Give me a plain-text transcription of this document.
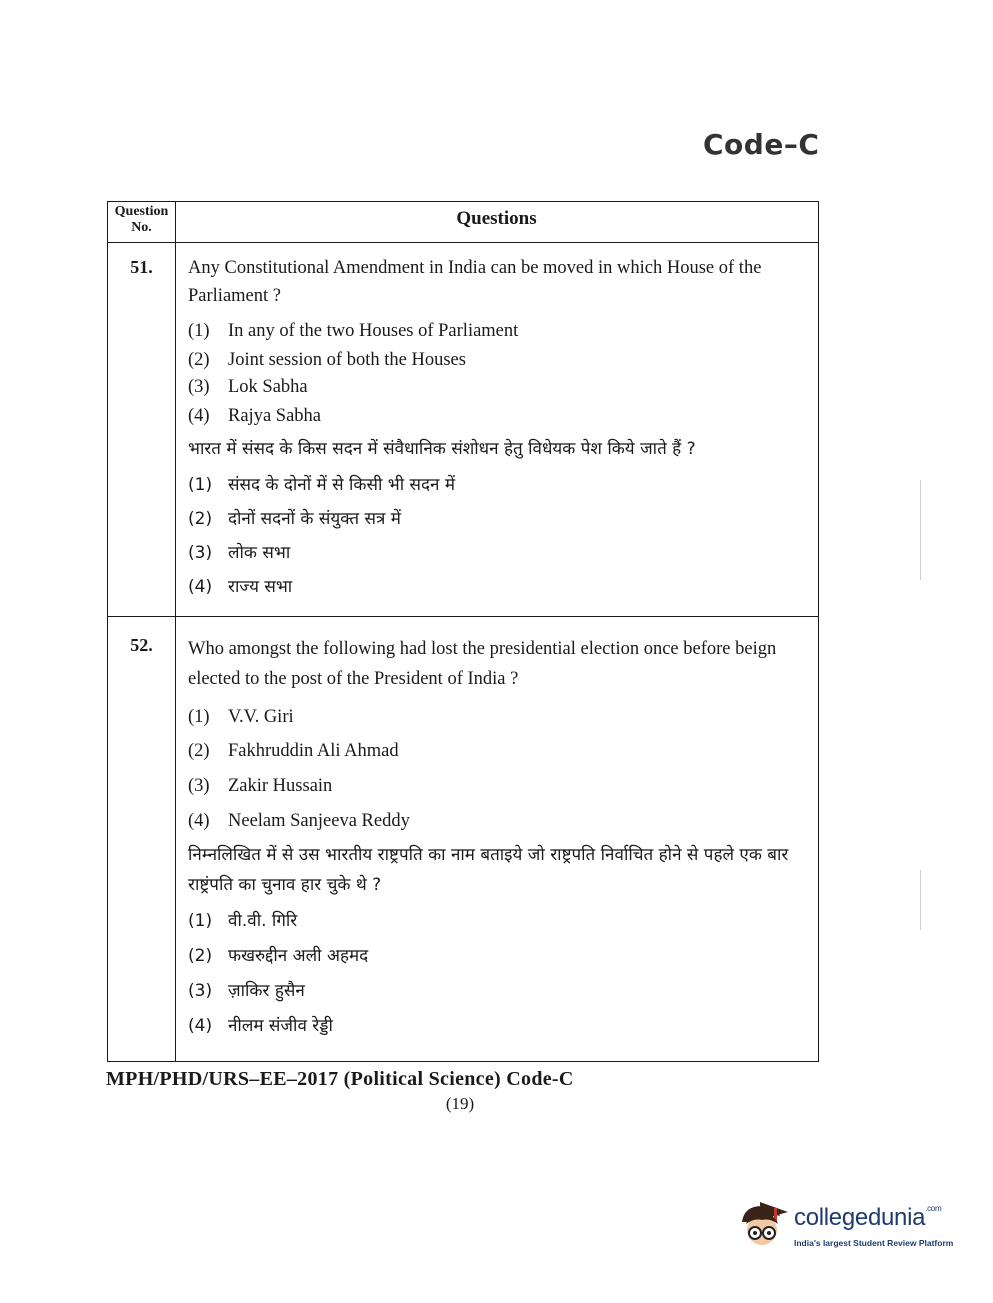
Code–C
Question No.	Questions
51.	Any Constitutional Amendment in India can be moved in which House of the Parliament ?

(1) In any of the two Houses of Parliament
(2) Joint session of both the Houses
(3) Lok Sabha
(4) Rajya Sabha

भारत में संसद के किस सदन में संवैधानिक संशोधन हेतु विधेयक पेश किये जाते हैं ?

(1) संसद के दोनों में से किसी भी सदन में
(2) दोनों सदनों के संयुक्त सत्र में
(3) लोक सभा
(4) राज्य सभा
52.	Who amongst the following had lost the presidential election once before beign elected to the post of the President of India ?

(1) V.V. Giri
(2) Fakhruddin Ali Ahmad
(3) Zakir Hussain
(4) Neelam Sanjeeva Reddy

निम्नलिखित में से उस भारतीय राष्ट्रपति का नाम बताइये जो राष्ट्रपति निर्वाचित होने से पहले एक बार राष्ट्रंपति का चुनाव हार चुके थे ?

(1) वी.वी. गिरि
(2) फखरुद्दीन अली अहमद
(3) ज़ाकिर हुसैन
(4) नीलम संजीव रेड्डी
MPH/PHD/URS–EE–2017 (Political Science) Code-C
(19)
collegedunia$^{.com}$
India's largest Student Review Platform
